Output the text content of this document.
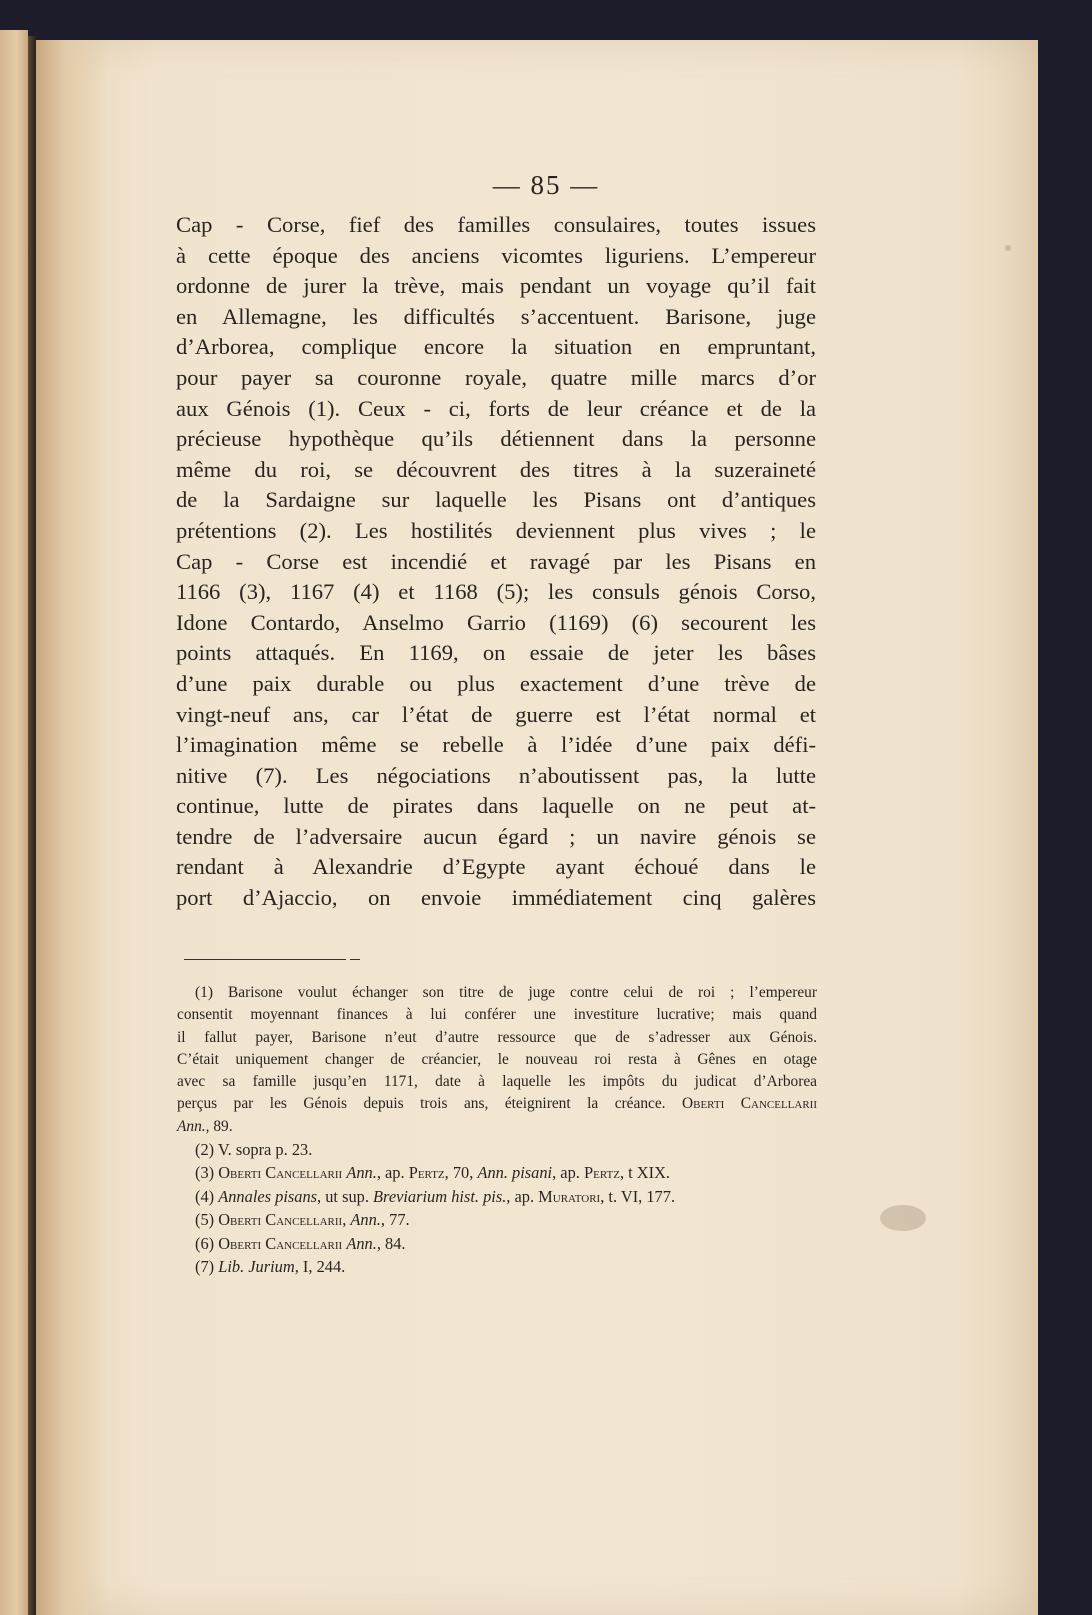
— 85 —
Cap - Corse, fief des familles consulaires, toutes issues
à cette époque des anciens vicomtes liguriens. L’empereur
ordonne de jurer la trève, mais pendant un voyage qu’il fait
en Allemagne, les difficultés s’accentuent. Barisone, juge
d’Arborea, complique encore la situation en empruntant,
pour payer sa couronne royale, quatre mille marcs d’or
aux Génois (1). Ceux - ci, forts de leur créance et de la
précieuse hypothèque qu’ils détiennent dans la personne
même du roi, se découvrent des titres à la suzeraineté
de la Sardaigne sur laquelle les Pisans ont d’antiques
prétentions (2). Les hostilités deviennent plus vives ; le
Cap - Corse est incendié et ravagé par les Pisans en
1166 (3), 1167 (4) et 1168 (5); les consuls génois Corso,
Idone Contardo, Anselmo Garrio (1169) (6) secourent les
points attaqués. En 1169, on essaie de jeter les bâses
d’une paix durable ou plus exactement d’une trève de
vingt-neuf ans, car l’état de guerre est l’état normal et
l’imagination même se rebelle à l’idée d’une paix défi-
nitive (7). Les négociations n’aboutissent pas, la lutte
continue, lutte de pirates dans laquelle on ne peut at-
tendre de l’adversaire aucun égard ; un navire génois se
rendant à Alexandrie d’Egypte ayant échoué dans le
port d’Ajaccio, on envoie immédiatement cinq galères
(1) Barisone voulut échanger son titre de juge contre celui de roi ; l’empereur
consentit moyennant finances à lui conférer une investiture lucrative; mais quand
il fallut payer, Barisone n’eut d’autre ressource que de s’adresser aux Génois.
C’était uniquement changer de créancier, le nouveau roi resta à Gênes en otage
avec sa famille jusqu’en 1171, date à laquelle les impôts du judicat d’Arborea
perçus par les Génois depuis trois ans, éteignirent la créance. Oberti Cancellarii
Ann., 89.
(2) V. sopra p. 23.
(3) Oberti Cancellarii Ann., ap. Pertz, 70, Ann. pisani, ap. Pertz, t XIX.
(4) Annales pisans, ut sup. Breviarium hist. pis., ap. Muratori, t. VI, 177.
(5) Oberti Cancellarii, Ann., 77.
(6) Oberti Cancellarii Ann., 84.
(7) Lib. Jurium, I, 244.
